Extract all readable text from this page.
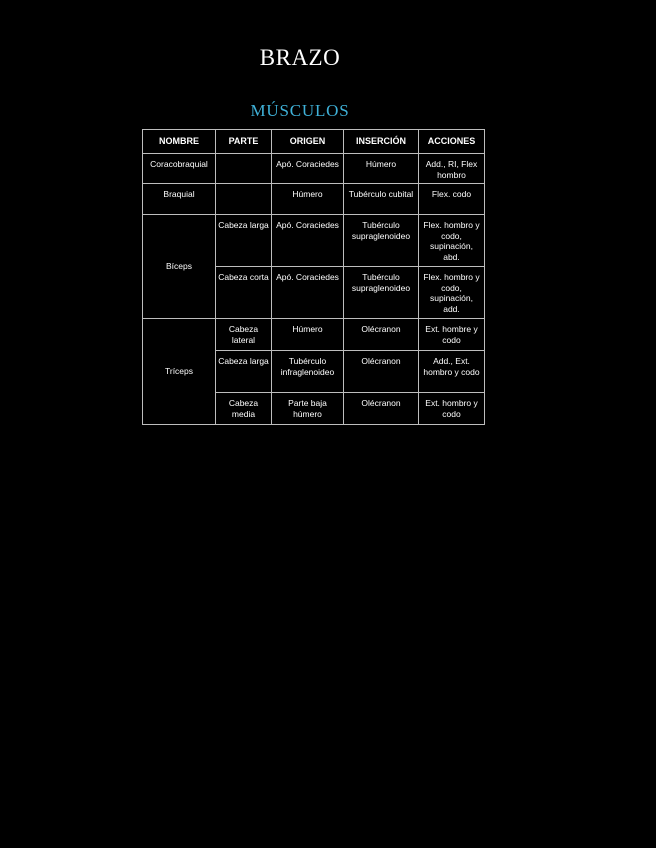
BRAZO
MÚSCULOS
NOMBRE	PARTE	ORIGEN	INSERCIÓN	ACCIONES
Coracobraquial		Apó. Coraciedes	Húmero	Add., RI, Flex hombro
Braquial		Húmero	Tubérculo cubital	Flex. codo
Bíceps	Cabeza larga	Apó. Coraciedes	Tubérculo supraglenoideo	Flex. hombro y codo, supinación, abd.
	Cabeza corta	Apó. Coraciedes	Tubérculo supraglenoideo	Flex. hombro y codo, supinación, add.
Tríceps	Cabeza lateral	Húmero	Olécranon	Ext. hombre y codo
	Cabeza larga	Tubérculo infraglenoideo	Olécranon	Add., Ext. hombro y codo
	Cabeza media	Parte baja húmero	Olécranon	Ext. hombro y codo
